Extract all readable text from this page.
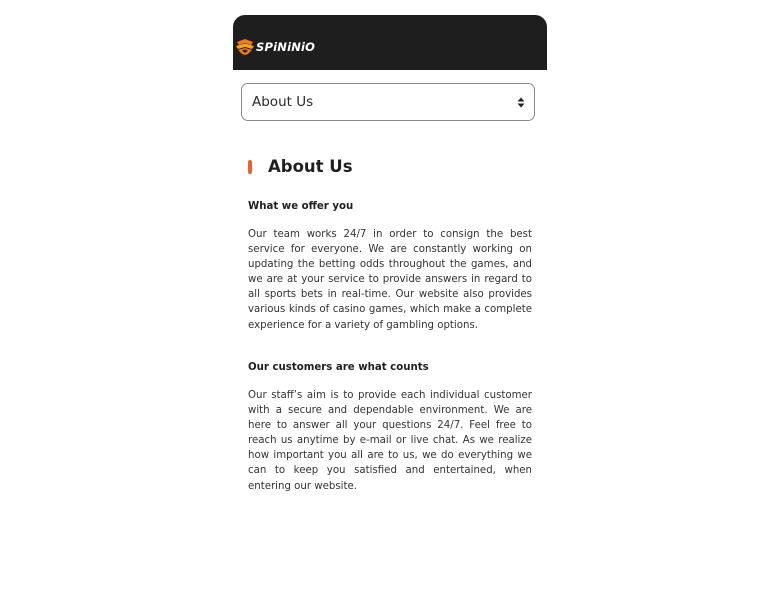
SPiNiNiO
About Us
About Us
What we offer you

Our team works 24/7 in order to consign the best service for everyone. We are constantly working on updating the betting odds throughout the games, and we are at your service to provide answers in regard to all sports bets in real-time. Our website also provides various kinds of casino games, which make a complete experience for a variety of gambling options.

Our customers are what counts

Our staff’s aim is to provide each individual customer with a secure and dependable environment. We are here to answer all your questions 24/7. Feel free to reach us anytime by e-mail or live chat. As we realize how important you all are to us, we do everything we can to keep you satisfied and entertained, when entering our website.
